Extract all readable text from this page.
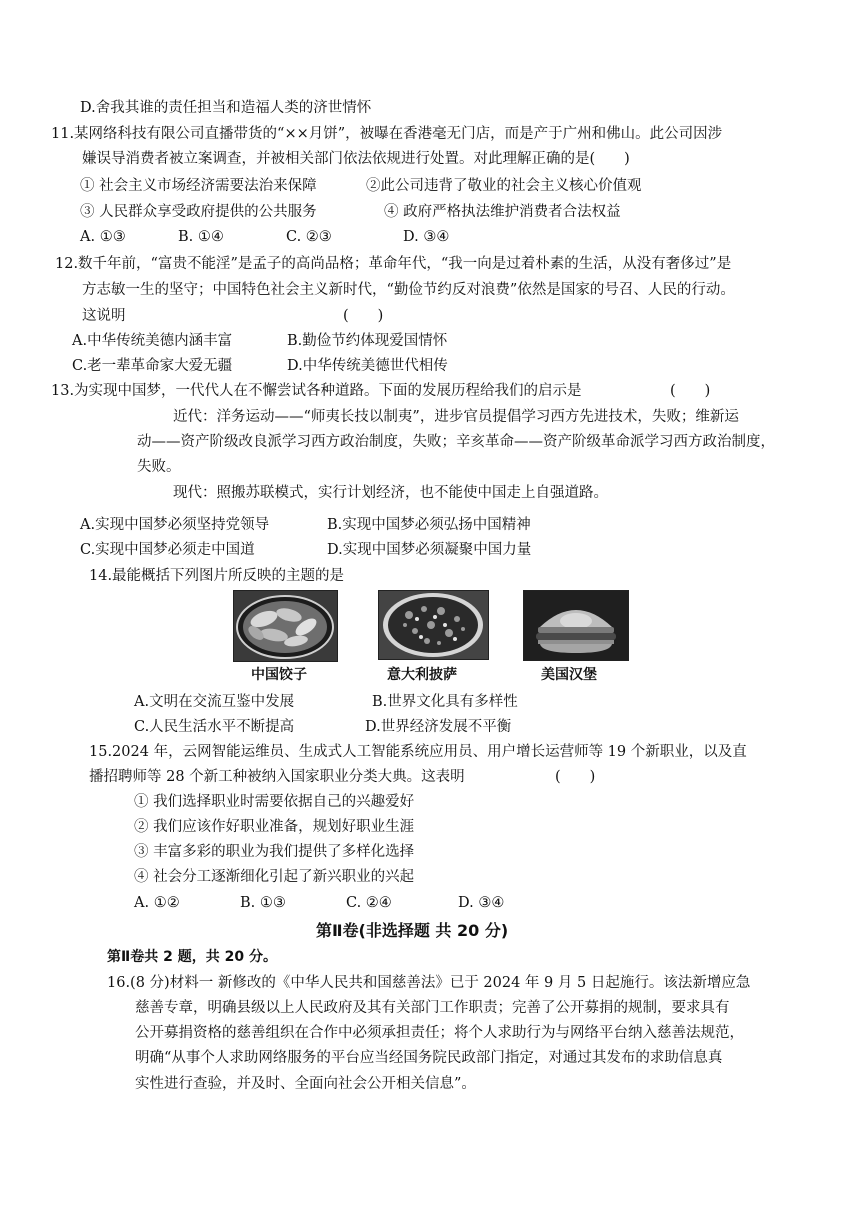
D.舍我其谁的责任担当和造福人类的济世情怀
11.某网络科技有限公司直播带货的“××月饼”，被曝在香港毫无门店，而是产于广州和佛山。此公司因涉
嫌误导消费者被立案调查，并被相关部门依法依规进行处置。对此理解正确的是(　　)
① 社会主义市场经济需要法治来保障	②此公司违背了敬业的社会主义核心价值观
③ 人民群众享受政府提供的公共服务	④ 政府严格执法维护消费者合法权益
A. ①③	B. ①④	C. ②③	D. ③④
12.数千年前，“富贵不能淫”是孟子的高尚品格；革命年代，“我一向是过着朴素的生活，从没有奢侈过”是
方志敏一生的坚守；中国特色社会主义新时代，“勤俭节约反对浪费”依然是国家的号召、人民的行动。
这说明	(　　)
A.中华传统美德内涵丰富	B.勤俭节约体现爱国情怀
C.老一辈革命家大爱无疆	D.中华传统美德世代相传
13.为实现中国梦，一代代人在不懈尝试各种道路。下面的发展历程给我们的启示是	(　　)
近代：洋务运动——“师夷长技以制夷”，进步官员提倡学习西方先进技术，失败；维新运
动——资产阶级改良派学习西方政治制度，失败；辛亥革命——资产阶级革命派学习西方政治制度，
失败。
现代：照搬苏联模式，实行计划经济，也不能使中国走上自强道路。
A.实现中国梦必须坚持党领导	B.实现中国梦必须弘扬中国精神
C.实现中国梦必须走中国道	D.实现中国梦必须凝聚中国力量
14.最能概括下列图片所反映的主题的是
中国饺子	意大利披萨	美国汉堡
A.文明在交流互鉴中发展	B.世界文化具有多样性
C.人民生活水平不断提高	D.世界经济发展不平衡
15.2024 年，云网智能运维员、生成式人工智能系统应用员、用户增长运营师等 19 个新职业，以及直
播招聘师等 28 个新工种被纳入国家职业分类大典。这表明	(　　)
① 我们选择职业时需要依据自己的兴趣爱好
② 我们应该作好职业准备，规划好职业生涯
③ 丰富多彩的职业为我们提供了多样化选择
④ 社会分工逐渐细化引起了新兴职业的兴起
A. ①②	B. ①③	C. ②④	D. ③④
第Ⅱ卷(非选择题 共 20 分)
第Ⅱ卷共 2 题，共 20 分。
16.(8 分)材料一 新修改的《中华人民共和国慈善法》已于 2024 年 9 月 5 日起施行。该法新增应急
慈善专章，明确县级以上人民政府及其有关部门工作职责；完善了公开募捐的规制，要求具有
公开募捐资格的慈善组织在合作中必须承担责任；将个人求助行为与网络平台纳入慈善法规范，
明确“从事个人求助网络服务的平台应当经国务院民政部门指定，对通过其发布的求助信息真
实性进行查验，并及时、全面向社会公开相关信息”。
